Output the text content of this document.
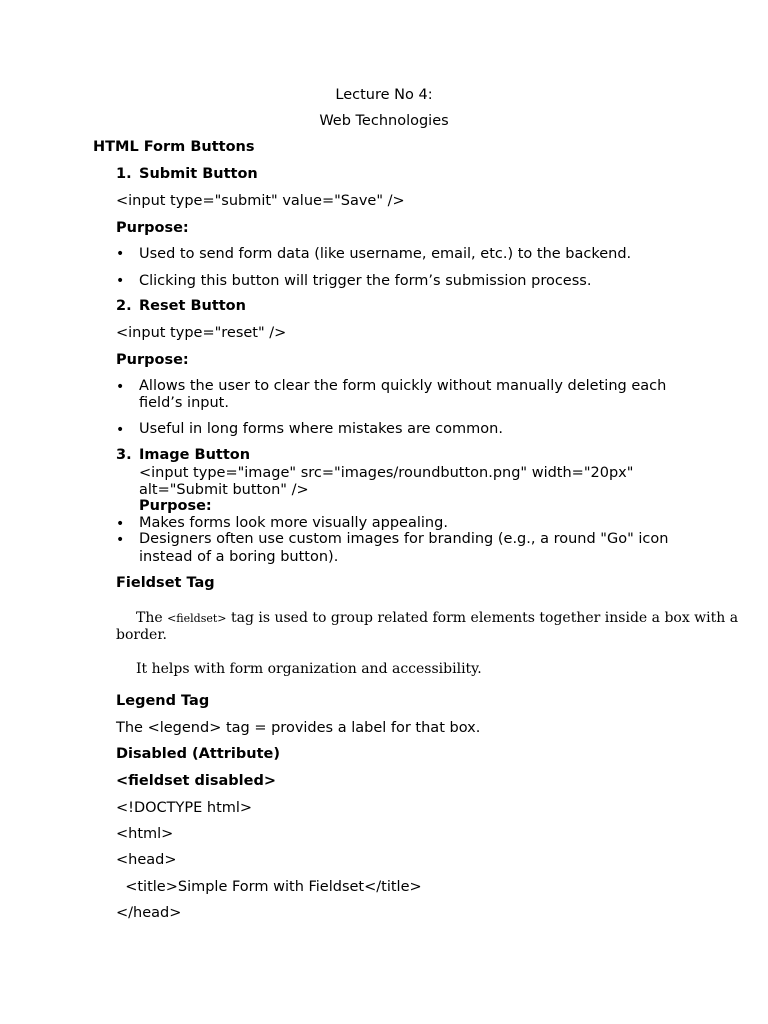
Lecture No 4:
Web Technologies
HTML Form Buttons
1. Submit Button
<input type="submit" value="Save" />
Purpose:
• Used to send form data (like username, email, etc.) to the backend.
• Clicking this button will trigger the form’s submission process.
2. Reset Button
<input type="reset" />
Purpose:
• Allows the user to clear the form quickly without manually deleting each
field’s input.
• Useful in long forms where mistakes are common.
3. Image Button
<input type="image" src="images/roundbutton.png" width="20px"
alt="Submit button" />
Purpose:
• Makes forms look more visually appealing.
• Designers often use custom images for branding (e.g., a round "Go" icon
instead of a boring button).
Fieldset Tag
The <fieldset> tag is used to group related form elements together inside a box with a
border.
It helps with form organization and accessibility.
Legend Tag
The <legend> tag = provides a label for that box.
Disabled (Attribute)
<fieldset disabled>
<!DOCTYPE html>
<html>
<head>
<title>Simple Form with Fieldset</title>
</head>
